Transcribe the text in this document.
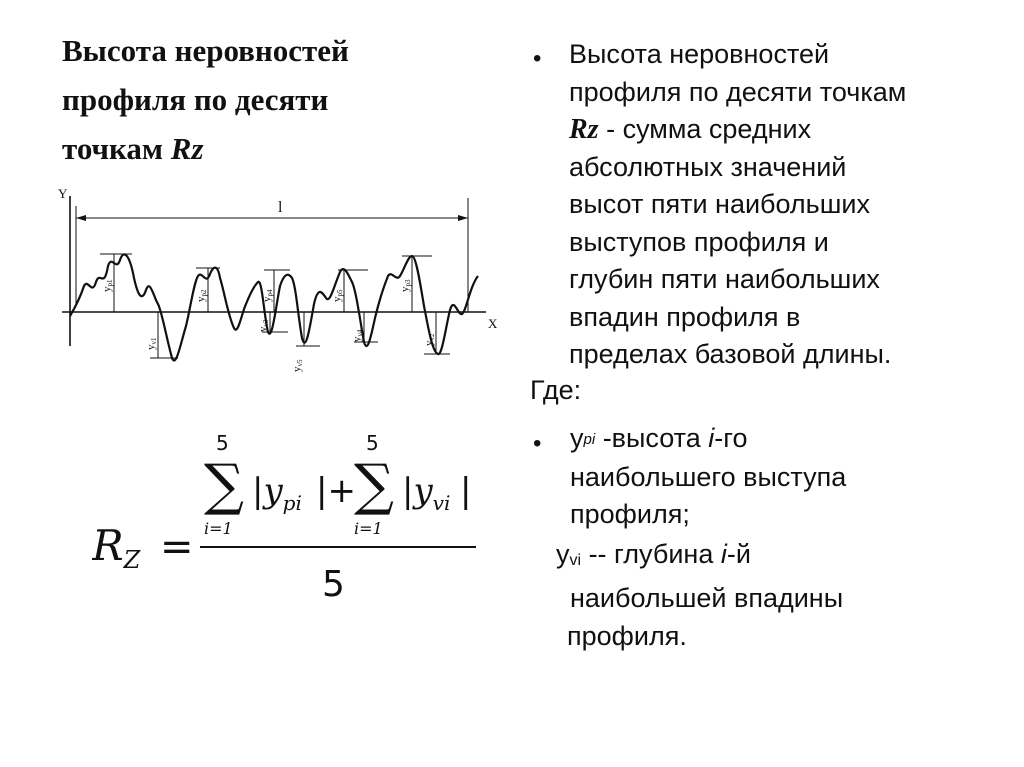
Высота неровностей
профиля по десяти
точкам Rz
Y
X
l
yp1
yp2
yp4
yp5
yp3
yv1
yv3
yv5
yv4
yv2
RZ =
5
∑
i=1
$|y_{pi}$ |+
5
∑
i=1
$|y_{vi}$ |
5
• Высота неровностей
профиля по десяти точкам
Rz - сумма средних
абсолютных значений
высот пяти наибольших
выступов профиля и
глубин пяти наибольших
впадин профиля в
пределах базовой длины.
Где:
• $y^{pi}$ -высота i-го
наибольшего выступа
профиля;
yvi -- глубина i-й
наибольшей впадины
профиля.
